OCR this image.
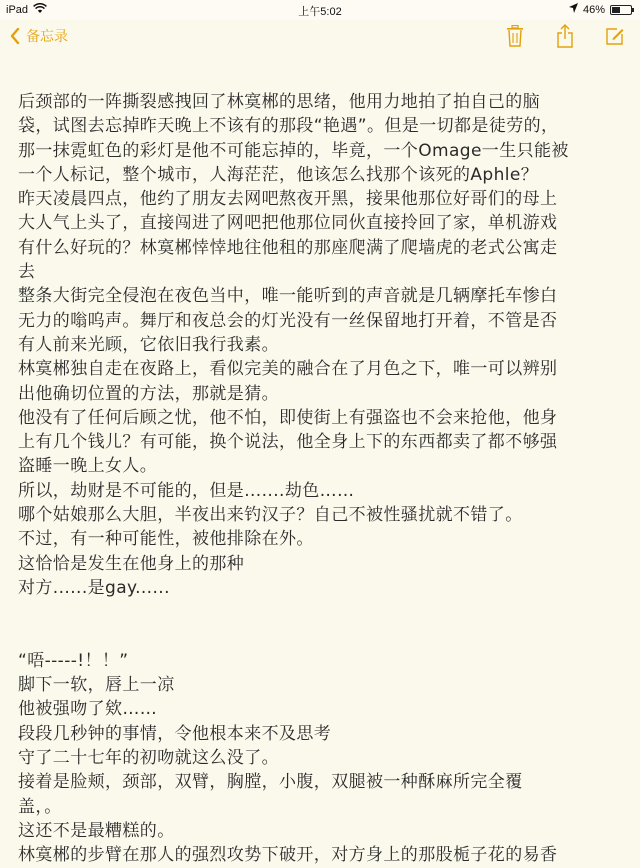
iPad	上午5:02	46%
备忘录
后颈部的一阵撕裂感拽回了林寞郴的思绪，他用力地拍了拍自己的脑
袋，试图去忘掉昨天晚上不该有的那段“艳遇”。但是一切都是徒劳的，
那一抹霓虹色的彩灯是他不可能忘掉的，毕竟，一个Omage一生只能被
一个人标记，整个城市，人海茫茫，他该怎么找那个该死的Aphle？
昨天凌晨四点，他约了朋友去网吧熬夜开黑，接果他那位好哥们的母上
大人气上头了，直接闯进了网吧把他那位同伙直接拎回了家，单机游戏
有什么好玩的？林寞郴悻悻地往他租的那座爬满了爬墙虎的老式公寓走
去
整条大街完全侵泡在夜色当中，唯一能听到的声音就是几辆摩托车惨白
无力的嗡呜声。舞厅和夜总会的灯光没有一丝保留地打开着，不管是否
有人前来光顾，它依旧我行我素。
林寞郴独自走在夜路上，看似完美的融合在了月色之下，唯一可以辨别
出他确切位置的方法，那就是猜。
他没有了任何后顾之忧，他不怕，即使街上有强盗也不会来抢他，他身
上有几个钱儿？有可能，换个说法，他全身上下的东西都卖了都不够强
盗睡一晚上女人。
所以，劫财是不可能的，但是.......劫色……
哪个姑娘那么大胆，半夜出来钓汉子？自己不被性骚扰就不错了。
不过，有一种可能性，被他排除在外。
这恰恰是发生在他身上的那种
对方......是gay......
“唔-----!！！”
脚下一软，唇上一凉
他被强吻了欸……
段段几秒钟的事情，令他根本来不及思考
守了二十七年的初吻就这么没了。
接着是脸颊，颈部，双臂，胸膛，小腹，双腿被一种酥麻所完全覆
盖，。
这还不是最糟糕的。
林寞郴的步臂在那人的强烈攻势下破开，对方身上的那股栀子花的易香
